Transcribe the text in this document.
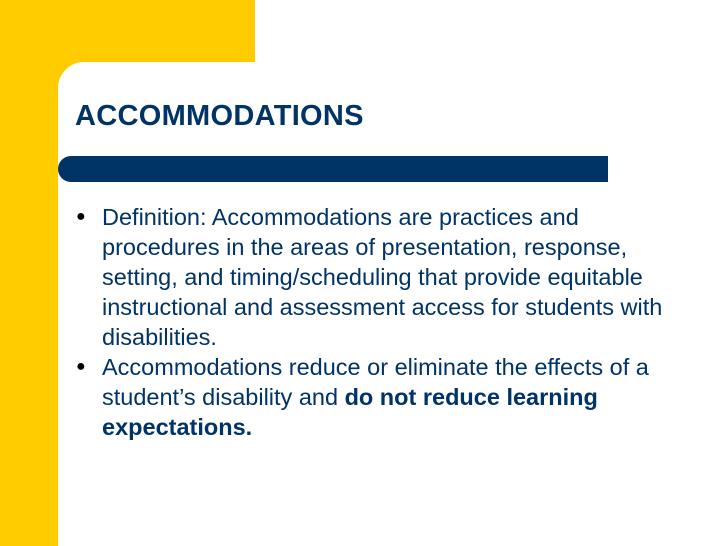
ACCOMMODATIONS
● Definition: Accommodations are practices and procedures in the areas of presentation, response, setting, and timing/scheduling that provide equitable instructional and assessment access for students with disabilities.
● Accommodations reduce or eliminate the effects of a student’s disability and do not reduce learning expectations.
